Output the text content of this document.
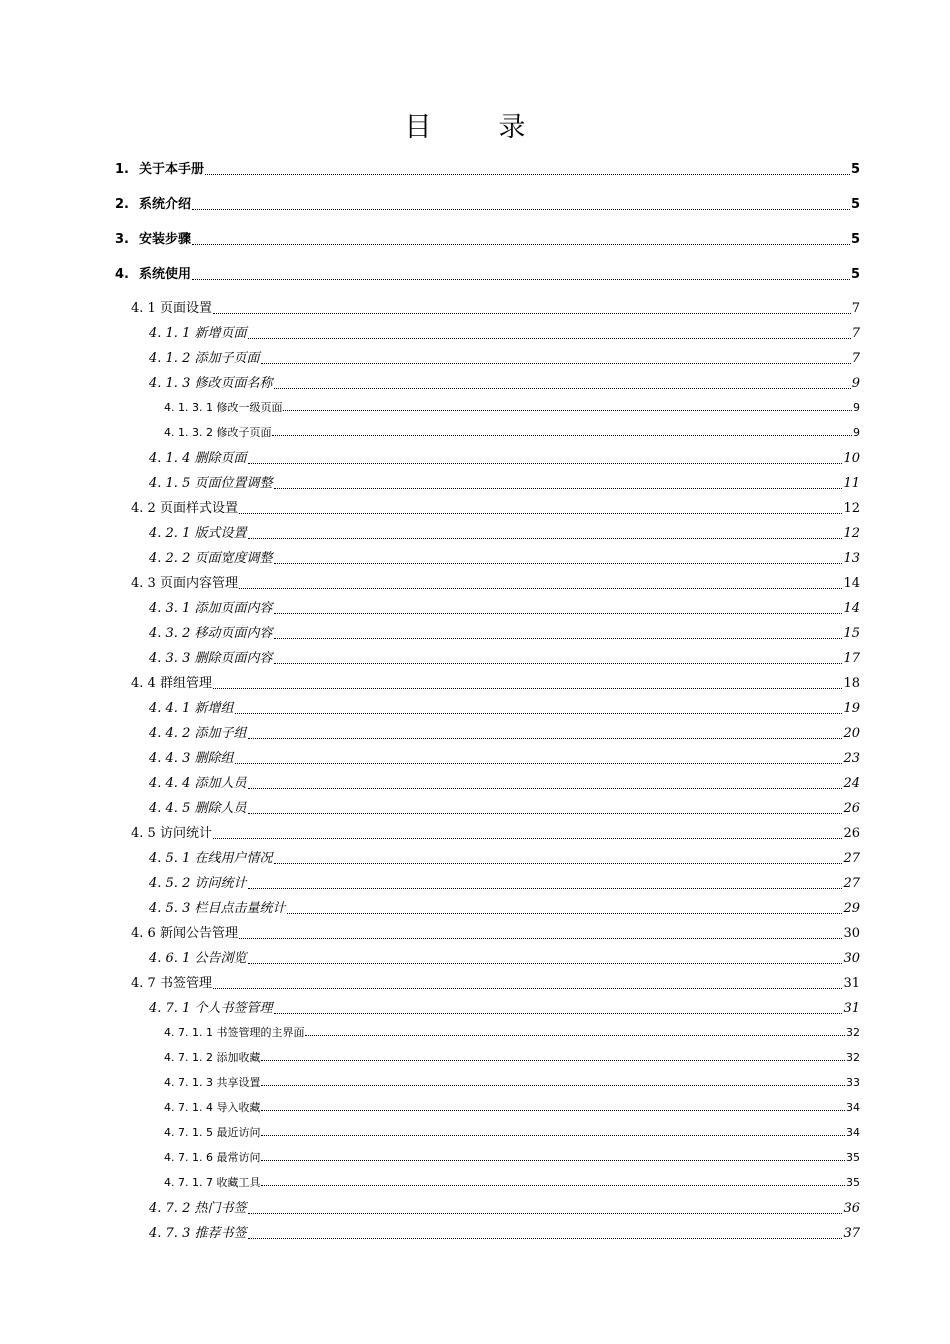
目　录
1. 关于本手册	5
2. 系统介绍	5
3. 安装步骤	5
4. 系统使用	5
4. 1 页面设置	7
4. 1. 1 新增页面	7
4. 1. 2 添加子页面	7
4. 1. 3 修改页面名称	9
4. 1. 3. 1 修改一级页面	9
4. 1. 3. 2 修改子页面	9
4. 1. 4 删除页面	10
4. 1. 5 页面位置调整	11
4. 2 页面样式设置	12
4. 2. 1 版式设置	12
4. 2. 2 页面宽度调整	13
4. 3 页面内容管理	14
4. 3. 1 添加页面内容	14
4. 3. 2 移动页面内容	15
4. 3. 3 删除页面内容	17
4. 4 群组管理	18
4. 4. 1 新增组	19
4. 4. 2 添加子组	20
4. 4. 3 删除组	23
4. 4. 4 添加人员	24
4. 4. 5 删除人员	26
4. 5 访问统计	26
4. 5. 1 在线用户情况	27
4. 5. 2 访问统计	27
4. 5. 3 栏目点击量统计	29
4. 6 新闻公告管理	30
4. 6. 1 公告浏览	30
4. 7 书签管理	31
4. 7. 1 个人书签管理	31
4. 7. 1. 1 书签管理的主界面	32
4. 7. 1. 2 添加收藏	32
4. 7. 1. 3 共享设置	33
4. 7. 1. 4 导入收藏	34
4. 7. 1. 5 最近访问	34
4. 7. 1. 6 最常访问	35
4. 7. 1. 7 收藏工具	35
4. 7. 2 热门书签	36
4. 7. 3 推荐书签	37
